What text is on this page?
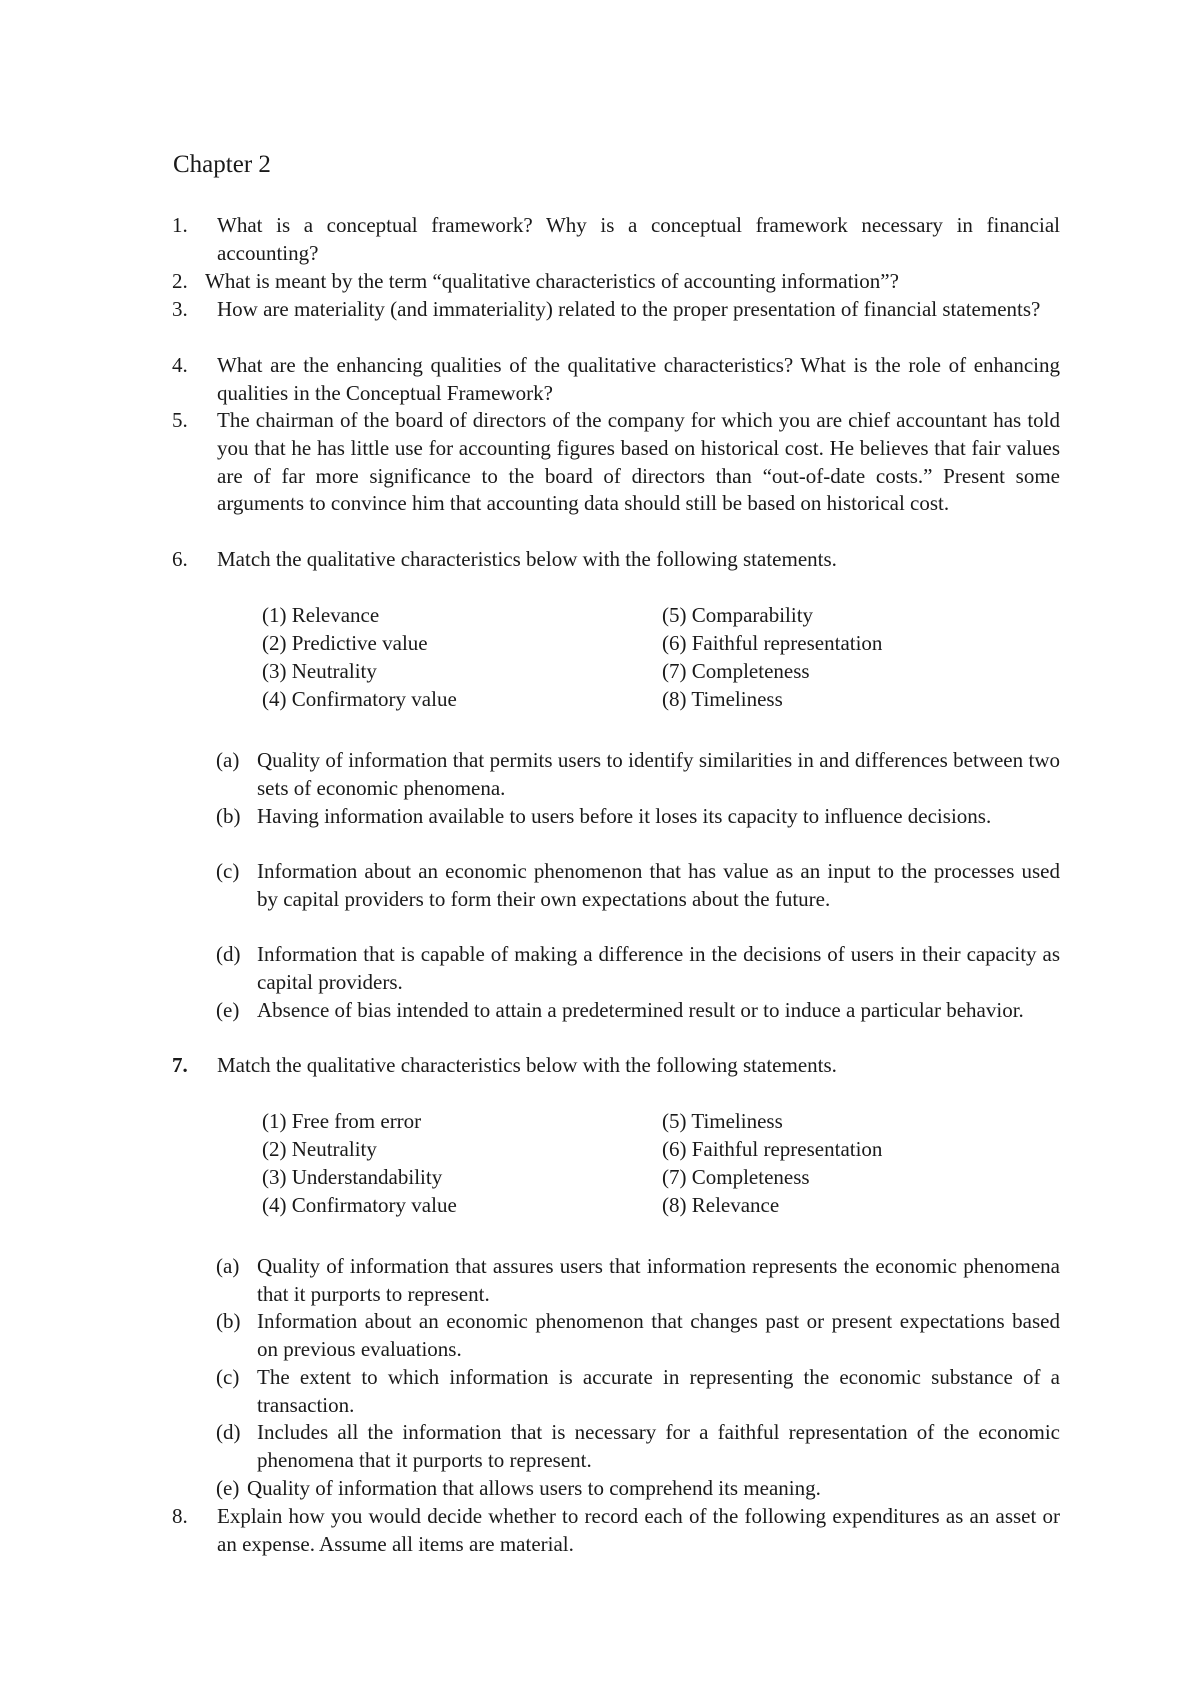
Chapter 2
1. What is a conceptual framework? Why is a conceptual framework necessary in financial accounting?
2. What is meant by the term “qualitative characteristics of accounting information”?
3. How are materiality (and immateriality) related to the proper presentation of financial statements?
4. What are the enhancing qualities of the qualitative characteristics? What is the role of enhancing qualities in the Conceptual Framework?
5. The chairman of the board of directors of the company for which you are chief accountant has told you that he has little use for accounting figures based on historical cost. He believes that fair values are of far more significance to the board of directors than “out-of-date costs.” Present some arguments to convince him that accounting data should still be based on historical cost.
6. Match the qualitative characteristics below with the following statements.
(1) Relevance
(2) Predictive value
(3) Neutrality
(4) Confirmatory value
(5) Comparability
(6) Faithful representation
(7) Completeness
(8) Timeliness
(a) Quality of information that permits users to identify similarities in and differences between two sets of economic phenomena.
(b) Having information available to users before it loses its capacity to influence decisions.
(c) Information about an economic phenomenon that has value as an input to the processes used by capital providers to form their own expectations about the future.
(d) Information that is capable of making a difference in the decisions of users in their capacity as capital providers.
(e) Absence of bias intended to attain a predetermined result or to induce a particular behavior.
7. Match the qualitative characteristics below with the following statements.
(1) Free from error
(2) Neutrality
(3) Understandability
(4) Confirmatory value
(5) Timeliness
(6) Faithful representation
(7) Completeness
(8) Relevance
(a) Quality of information that assures users that information represents the economic phenomena that it purports to represent.
(b) Information about an economic phenomenon that changes past or present expectations based on previous evaluations.
(c) The extent to which information is accurate in representing the economic substance of a transaction.
(d) Includes all the information that is necessary for a faithful representation of the economic phenomena that it purports to represent.
(e) Quality of information that allows users to comprehend its meaning.
8. Explain how you would decide whether to record each of the following expenditures as an asset or an expense. Assume all items are material.
